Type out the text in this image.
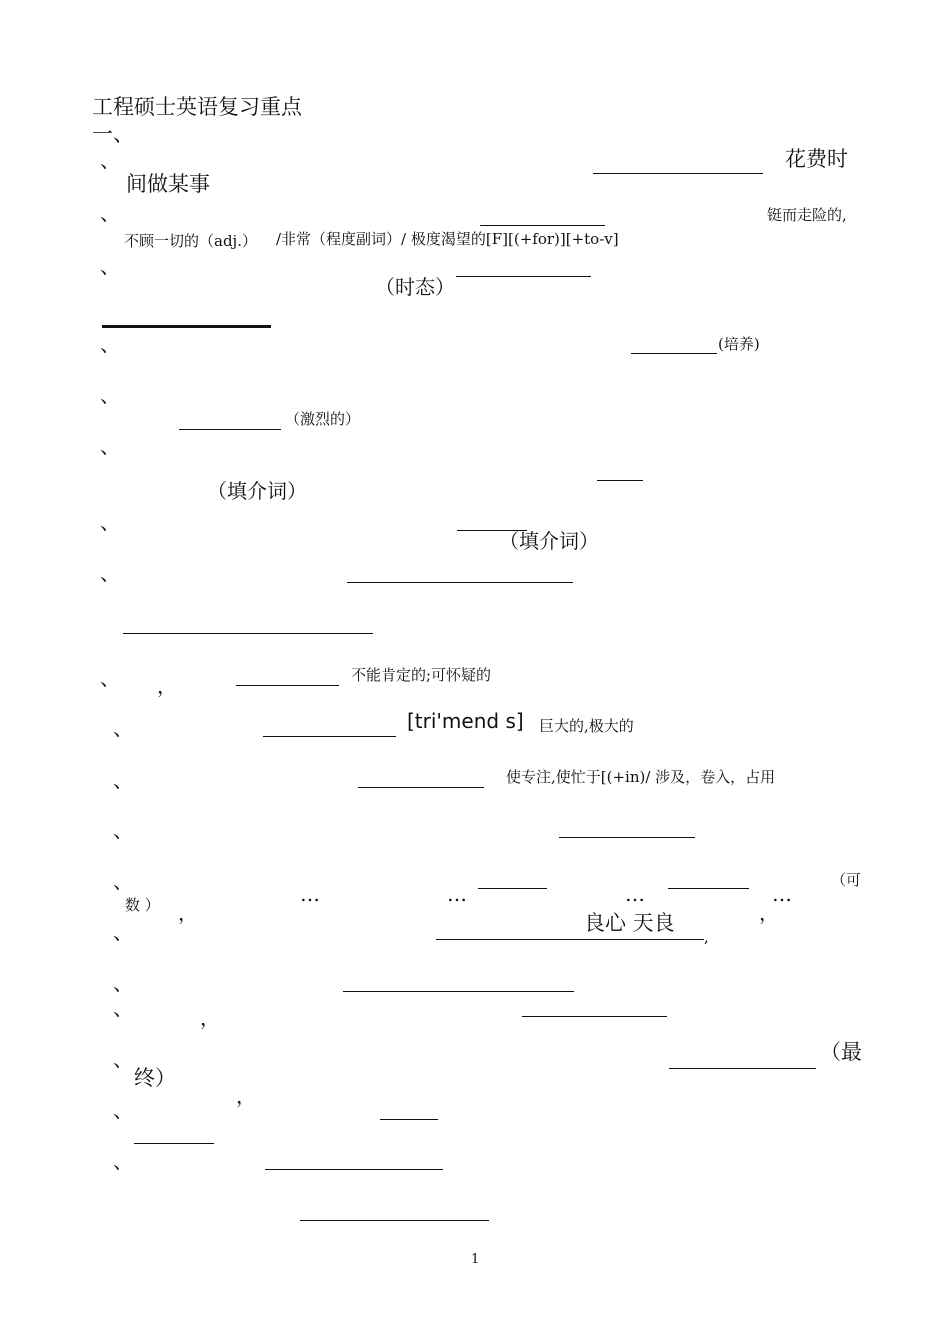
工程硕士英语复习重点
一、
、	花费时
间做某事
、	铤而走险的,
不顾一切的（adj.） /非常（程度副词）/ 极度渴望的[F][(+for)][+to-v]
、
（时态）
、	(培养)
、
（激烈的）
、
（填介词）
、
（填介词）
、
、 ，	不能肯定的;可怀疑的
、	[tri'mend s] 巨大的,极大的
、	使专注,使忙于[(+in)/ 涉及，卷入，占用
、
、
…	…	…	…
（可
数 ） ，	，
、	良心 天良
,
、
、	，
、	（最
终）
，
、
、
1
